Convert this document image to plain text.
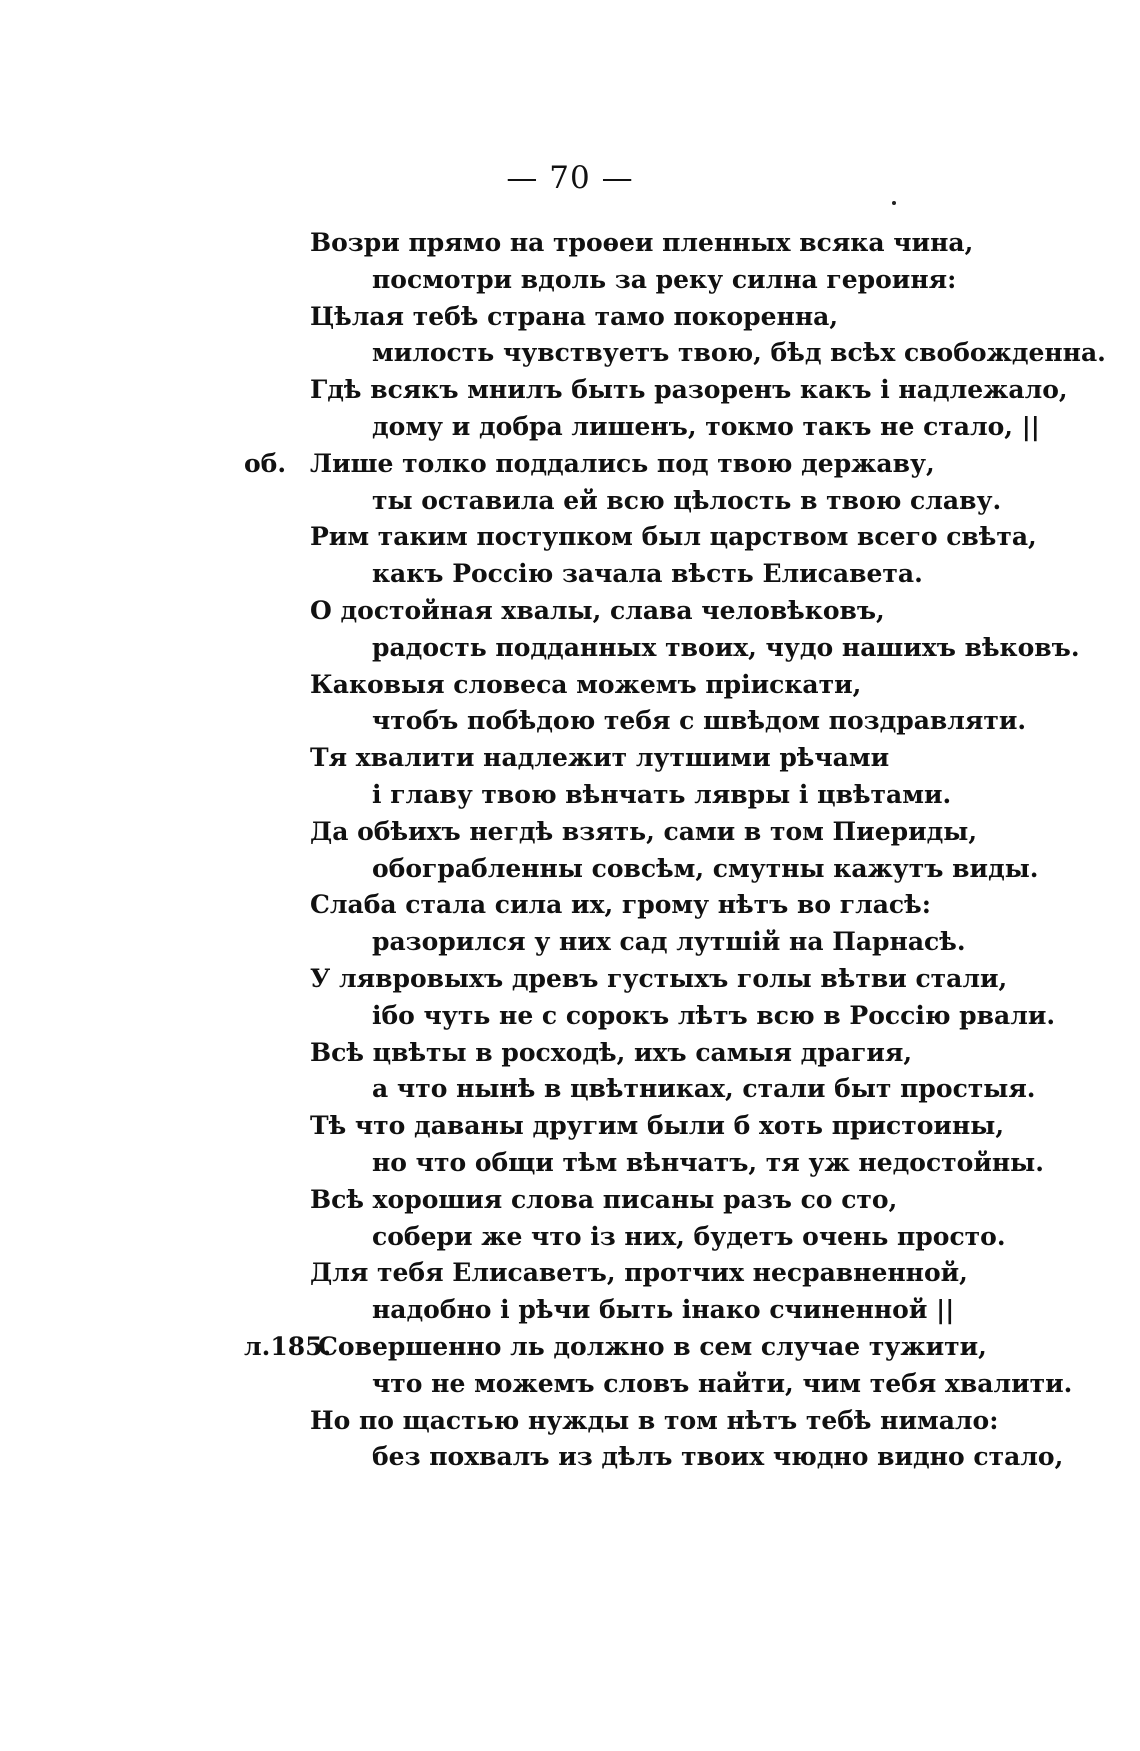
— 70 —
Возри прямо на троѳеи пленных всяка чина,
посмотри вдоль за реку силна героиня:
Цѣлая тебѣ страна тамо покоренна,
милость чувствуетъ твою, бѣд всѣх свобожденна.
Гдѣ всякъ мнилъ быть разоренъ какъ і надлежало,
дому и добра лишенъ, токмо такъ не стало, ||
об. Лише толко поддались под твою державу,
ты оставила ей всю цѣлость в твою славу.
Рим таким поступком был царством всего свѣта,
какъ Россію зачала вѣсть Елисавета.
О достойная хвалы, слава человѣковъ,
радость подданных твоих, чудо нашихъ вѣковъ.
Каковыя словеса можемъ пріискати,
чтобъ побѣдою тебя с швѣдом поздравляти.
Тя хвалити надлежит лутшими рѣчами
і главу твою вѣнчать лявры і цвѣтами.
Да обѣихъ негдѣ взять, сами в том Пиериды,
обограбленны совсѣм, смутны кажутъ виды.
Слаба стала сила их, грому нѣтъ во гласѣ:
разорился у них сад лутшій на Парнасѣ.
У лявровыхъ древъ густыхъ голы вѣтви стали,
ібо чуть не с сорокъ лѣтъ всю в Россію рвали.
Всѣ цвѣты в росходѣ, ихъ самыя драгия,
а что нынѣ в цвѣтниках, стали быт простыя.
Тѣ что даваны другим были б хоть пристоины,
но что общи тѣм вѣнчатъ, тя уж недостойны.
Всѣ хорошия слова писаны разъ со сто,
собери же что із них, будетъ очень просто.
Для тебя Елисаветъ, протчих несравненной,
надобно і рѣчи быть інако счиненной ||
л.185.
Совершенно ль должно в сем случае тужити,
что не можемъ словъ найти, чим тебя хвалити.
Но по щастью нужды в том нѣтъ тебѣ нимало:
без похвалъ из дѣлъ твоих чюдно видно стало,
